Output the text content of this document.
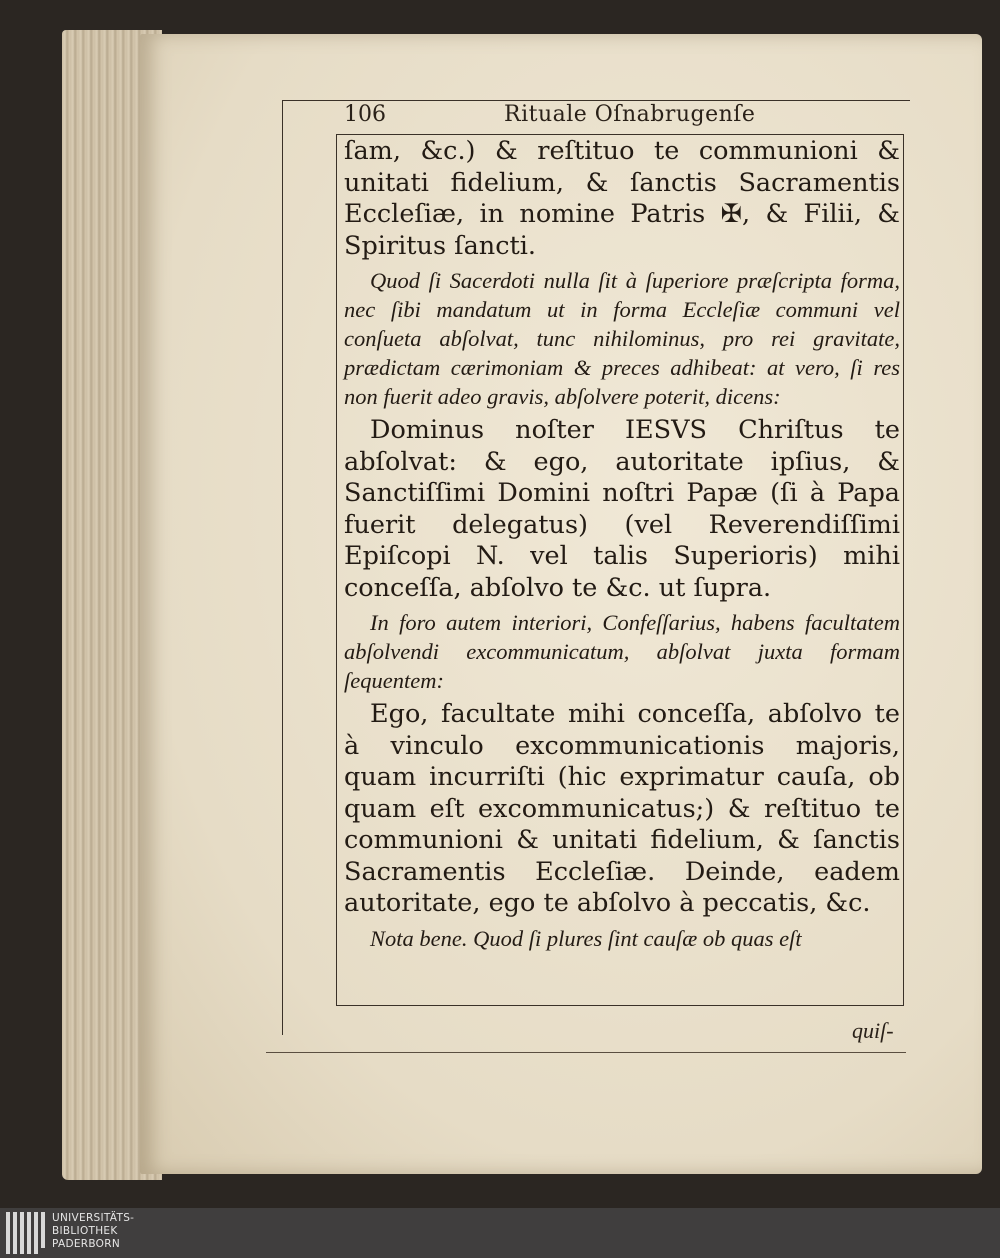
106	Rituale Oſnabrugenſe

ſam, &c.) & reſtituo te communioni & unitati fidelium, & ſanctis Sacramentis Eccleſiæ, in nomine Patris ✠, & Filii, & Spiritus ſancti.

Quod ſi Sacerdoti nulla ſit à ſuperiore præſcripta forma, nec ſibi mandatum ut in forma Eccleſiæ communi vel conſueta abſolvat, tunc nihilominus, pro rei gravitate, prædictam cærimoniam & preces adhibeat: at vero, ſi res non fuerit adeo gravis, abſolvere poterit, dicens:

Dominus noſter IESVS Chriſtus te abſolvat: & ego, autoritate ipſius, & Sanctiſſimi Domini noſtri Papæ (ſi à Papa fuerit delegatus) (vel Reverendiſſimi Epiſcopi N. vel talis Superioris) mihi conceſſa, abſolvo te &c. ut ſupra.

In foro autem interiori, Confeſſarius, habens facultatem abſolvendi excommunicatum, abſolvat juxta formam ſequentem:

Ego, facultate mihi conceſſa, abſolvo te à vinculo excommunicationis majoris, quam incurriſti (hic exprimatur cauſa, ob quam eſt excommunicatus;) & reſtituo te communioni & unitati fidelium, & ſanctis Sacramentis Eccleſiæ. Deinde, eadem autoritate, ego te abſolvo à peccatis, &c.

Nota bene. Quod ſi plures ſint cauſæ ob quas eſt

quiſ-
UNIVERSITÄTS-
BIBLIOTHEK
PADERBORN
